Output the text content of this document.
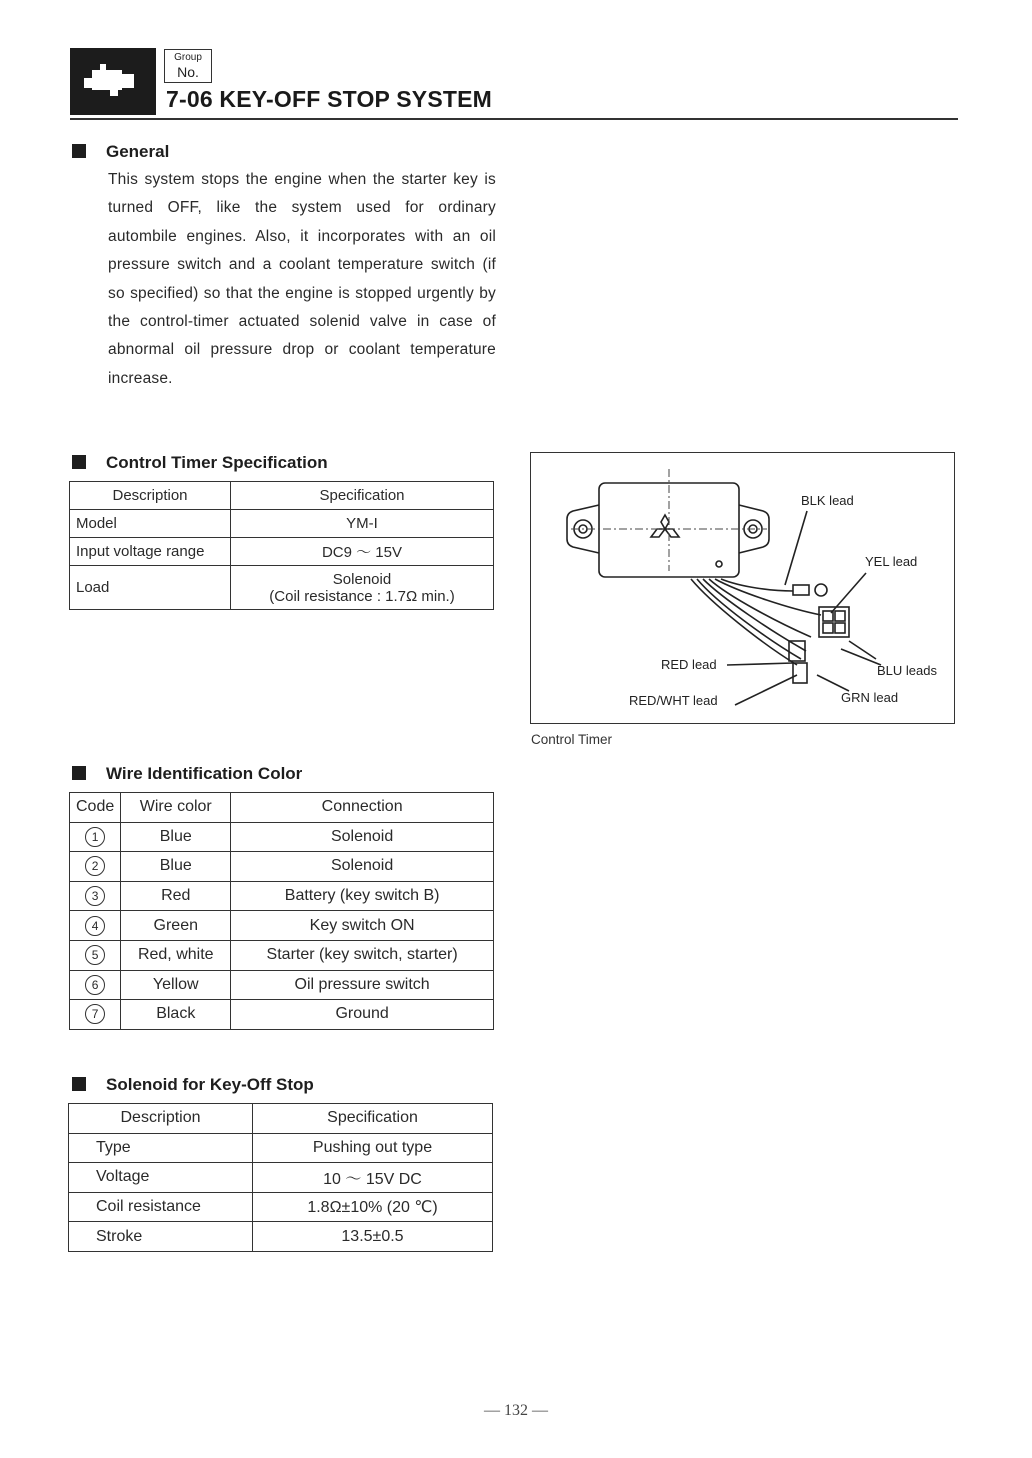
Group
No.
7-06 KEY-OFF STOP SYSTEM
General
This system stops the engine when the starter key is turned OFF, like the system used for ordinary autombile engines. Also, it incorporates with an oil pressure switch and a coolant temperature switch (if so specified) so that the engine is stopped urgently by the control-timer actuated solenid valve in case of abnormal oil pressure drop or coolant temperature increase.
Control Timer Specification
Description	Specification
Model	YM-I
Input voltage range	DC9 ～ 15V
Load	Solenoid
(Coil resistance : 1.7Ω min.)
BLK lead
YEL lead
RED lead	BLU leads
RED/WHT lead	GRN lead
Control Timer
Wire Identification Color
Code	Wire color	Connection
1	Blue	Solenoid
2	Blue	Solenoid
3	Red	Battery (key switch B)
4	Green	Key switch ON
5	Red, white	Starter (key switch, starter)
6	Yellow	Oil pressure switch
7	Black	Ground
Solenoid for Key-Off Stop
Description	Specification
Type	Pushing out type
Voltage	10 ～ 15V DC
Coil resistance	1.8Ω±10% (20 ℃)
Stroke	13.5±0.5
— 132 —
